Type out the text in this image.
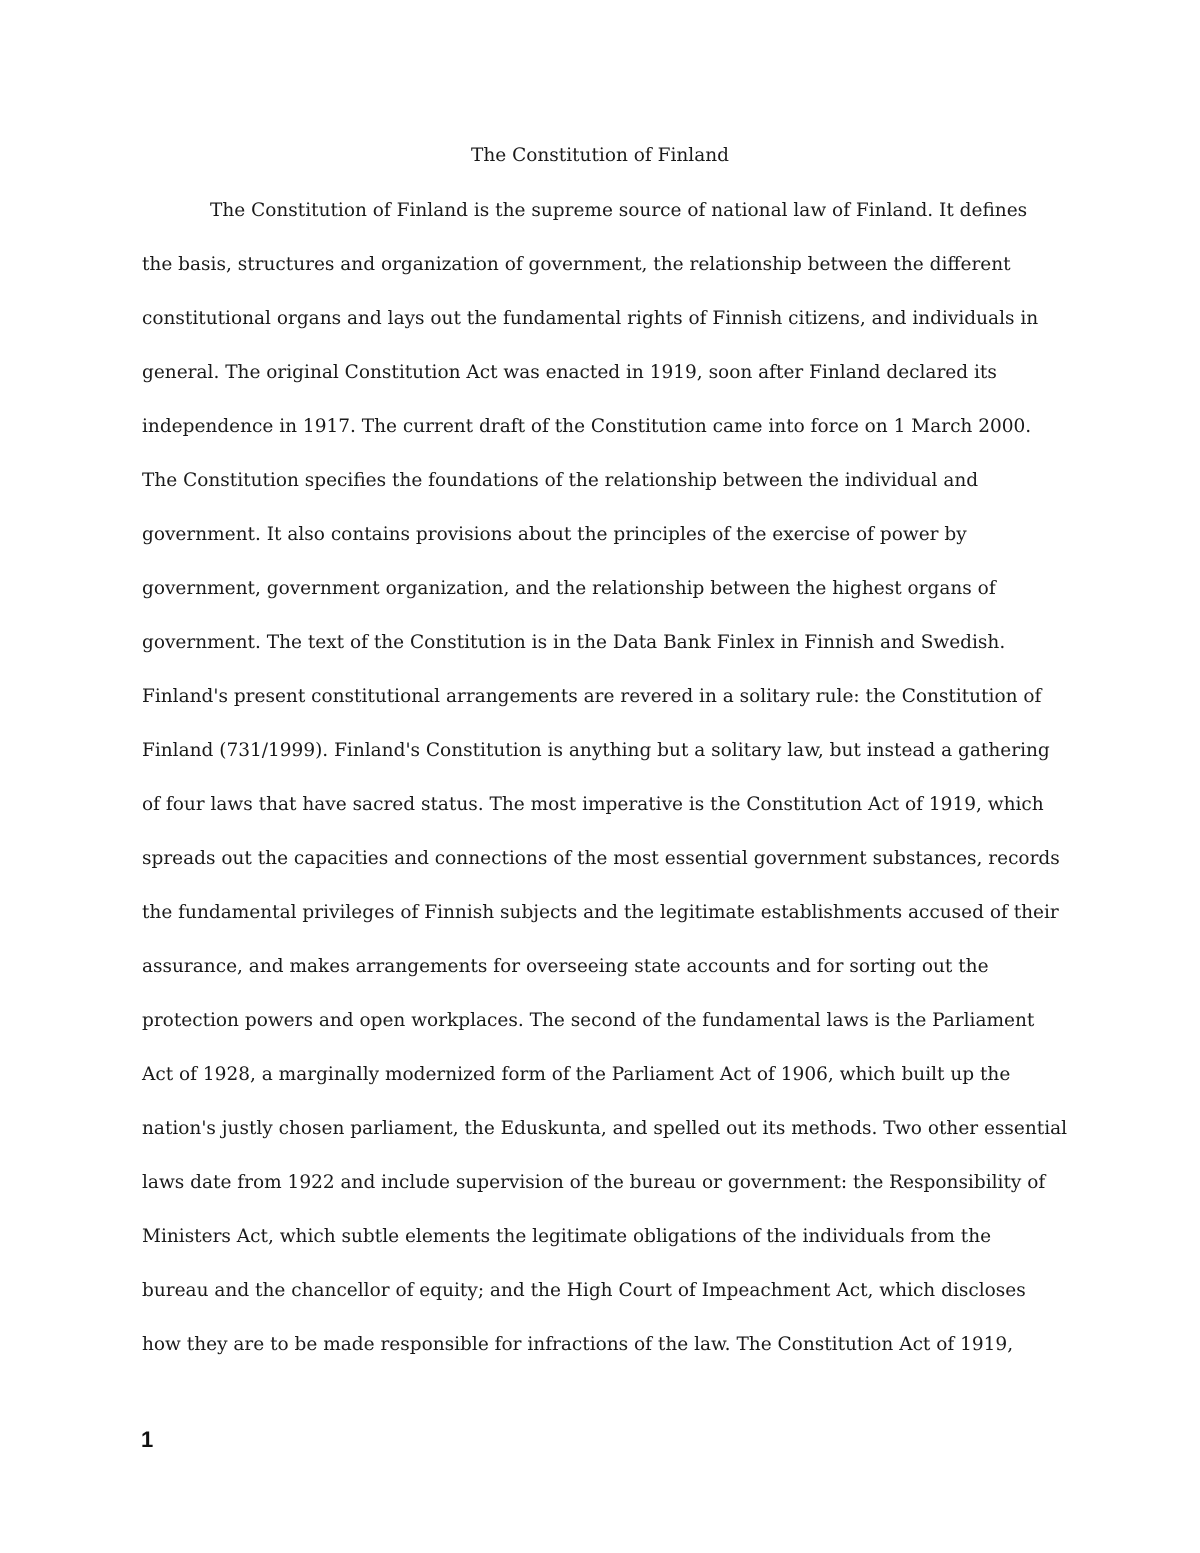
The Constitution of Finland
The Constitution of Finland is the supreme source of national law of Finland. It defines
the basis, structures and organization of government, the relationship between the different
constitutional organs and lays out the fundamental rights of Finnish citizens, and individuals in
general. The original Constitution Act was enacted in 1919, soon after Finland declared its
independence in 1917. The current draft of the Constitution came into force on 1 March 2000.
The Constitution specifies the foundations of the relationship between the individual and
government. It also contains provisions about the principles of the exercise of power by
government, government organization, and the relationship between the highest organs of
government. The text of the Constitution is in the Data Bank Finlex in Finnish and Swedish.
Finland's present constitutional arrangements are revered in a solitary rule: the Constitution of
Finland (731/1999). Finland's Constitution is anything but a solitary law, but instead a gathering
of four laws that have sacred status. The most imperative is the Constitution Act of 1919, which
spreads out the capacities and connections of the most essential government substances, records
the fundamental privileges of Finnish subjects and the legitimate establishments accused of their
assurance, and makes arrangements for overseeing state accounts and for sorting out the
protection powers and open workplaces. The second of the fundamental laws is the Parliament
Act of 1928, a marginally modernized form of the Parliament Act of 1906, which built up the
nation's justly chosen parliament, the Eduskunta, and spelled out its methods. Two other essential
laws date from 1922 and include supervision of the bureau or government: the Responsibility of
Ministers Act, which subtle elements the legitimate obligations of the individuals from the
bureau and the chancellor of equity; and the High Court of Impeachment Act, which discloses
how they are to be made responsible for infractions of the law. The Constitution Act of 1919,
1
